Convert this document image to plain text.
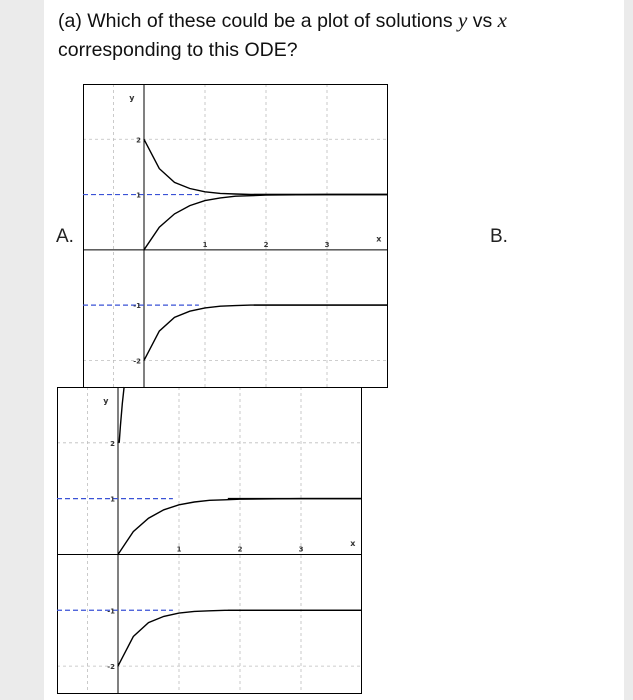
(a) Which of these could be a plot of solutions y vs x corresponding to this ODE?

A.	B.
1	2	3
2
1
-1
-2
x
y
1	2	3
2
1
-1
-2
x
y
